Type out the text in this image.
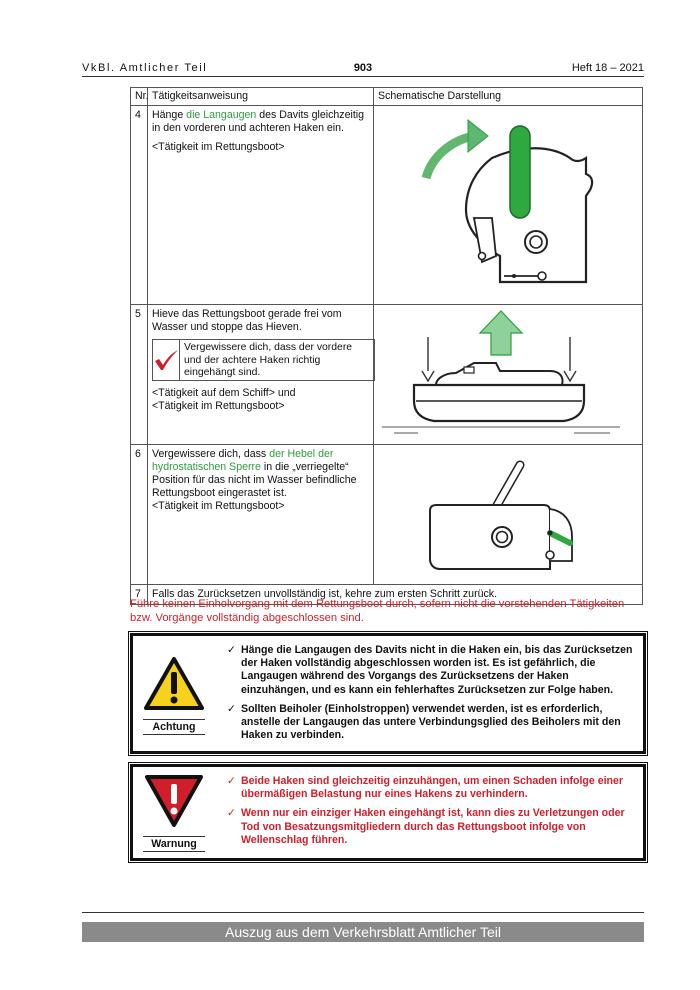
VkBl. Amtlicher Teil	903	Heft 18 – 2021
Nr.	Tätigkeitsanweisung	Schematische Darstellung
4	Hänge die Langaugen des Davits gleichzeitig in den vorderen und achteren Haken ein.
<Tätigkeit im Rettungsboot>

5	Hieve das Rettungsboot gerade frei vom Wasser und stoppe das Hieven.
Vergewissere dich, dass der vordere und der achtere Haken richtig eingehängt sind.
<Tätigkeit auf dem Schiff> und
<Tätigkeit im Rettungsboot>

6	Vergewissere dich, dass der Hebel der hydrostatischen Sperre in die „verriegelte“ Position für das nicht im Wasser befindliche Rettungsboot eingerastet ist.
<Tätigkeit im Rettungsboot>

7	Falls das Zurücksetzen unvollständig ist, kehre zum ersten Schritt zurück.	
Führe keinen Einholvorgang mit dem Rettungsboot durch, sofern nicht die vorstehenden Tätigkeiten bzw. Vorgänge vollständig abgeschlossen sind.
Achtung
✓ Hänge die Langaugen des Davits nicht in die Haken ein, bis das Zurücksetzen der Haken vollständig abgeschlossen worden ist. Es ist gefährlich, die Langaugen während des Vorgangs des Zurücksetzens der Haken einzuhängen, und es kann ein fehlerhaftes Zurücksetzen zur Folge haben.
✓ Sollten Beiholer (Einholstroppen) verwendet werden, ist es erforderlich, anstelle der Langaugen das untere Verbindungsglied des Beiholers mit den Haken zu verbinden.
Warnung
✓ Beide Haken sind gleichzeitig einzuhängen, um einen Schaden infolge einer übermäßigen Belastung nur eines Hakens zu verhindern.
✓ Wenn nur ein einziger Haken eingehängt ist, kann dies zu Verletzungen oder Tod von Besatzungsmitgliedern durch das Rettungsboot infolge von Wellenschlag führen.
Auszug aus dem Verkehrsblatt Amtlicher Teil
